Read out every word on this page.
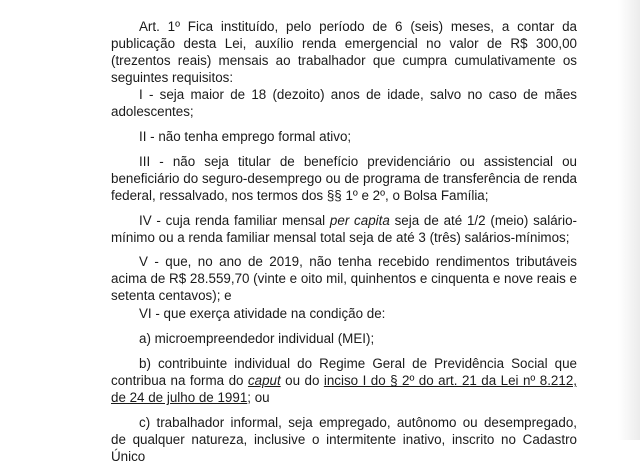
Art. 1º Fica instituído, pelo período de 6 (seis) meses, a contar da publicação desta Lei, auxílio renda emergencial no valor de R$ 300,00 (trezentos reais) mensais ao trabalhador que cumpra cumulativamente os seguintes requisitos:

I - seja maior de 18 (dezoito) anos de idade, salvo no caso de mães adolescentes;

II - não tenha emprego formal ativo;

III - não seja titular de benefício previdenciário ou assistencial ou beneficiário do seguro-desemprego ou de programa de transferência de renda federal, ressalvado, nos termos dos §§ 1º e 2º, o Bolsa Família;

IV - cuja renda familiar mensal per capita seja de até 1/2 (meio) salário-mínimo ou a renda familiar mensal total seja de até 3 (três) salários-mínimos;

V - que, no ano de 2019, não tenha recebido rendimentos tributáveis acima de R$ 28.559,70 (vinte e oito mil, quinhentos e cinquenta e nove reais e setenta centavos); e

VI - que exerça atividade na condição de:

a) microempreendedor individual (MEI);

b) contribuinte individual do Regime Geral de Previdência Social que contribua na forma do caput ou do inciso I do § 2º do art. 21 da Lei nº 8.212, de 24 de julho de 1991; ou

c) trabalhador informal, seja empregado, autônomo ou desempregado, de qualquer natureza, inclusive o intermitente inativo, inscrito no Cadastro Único
